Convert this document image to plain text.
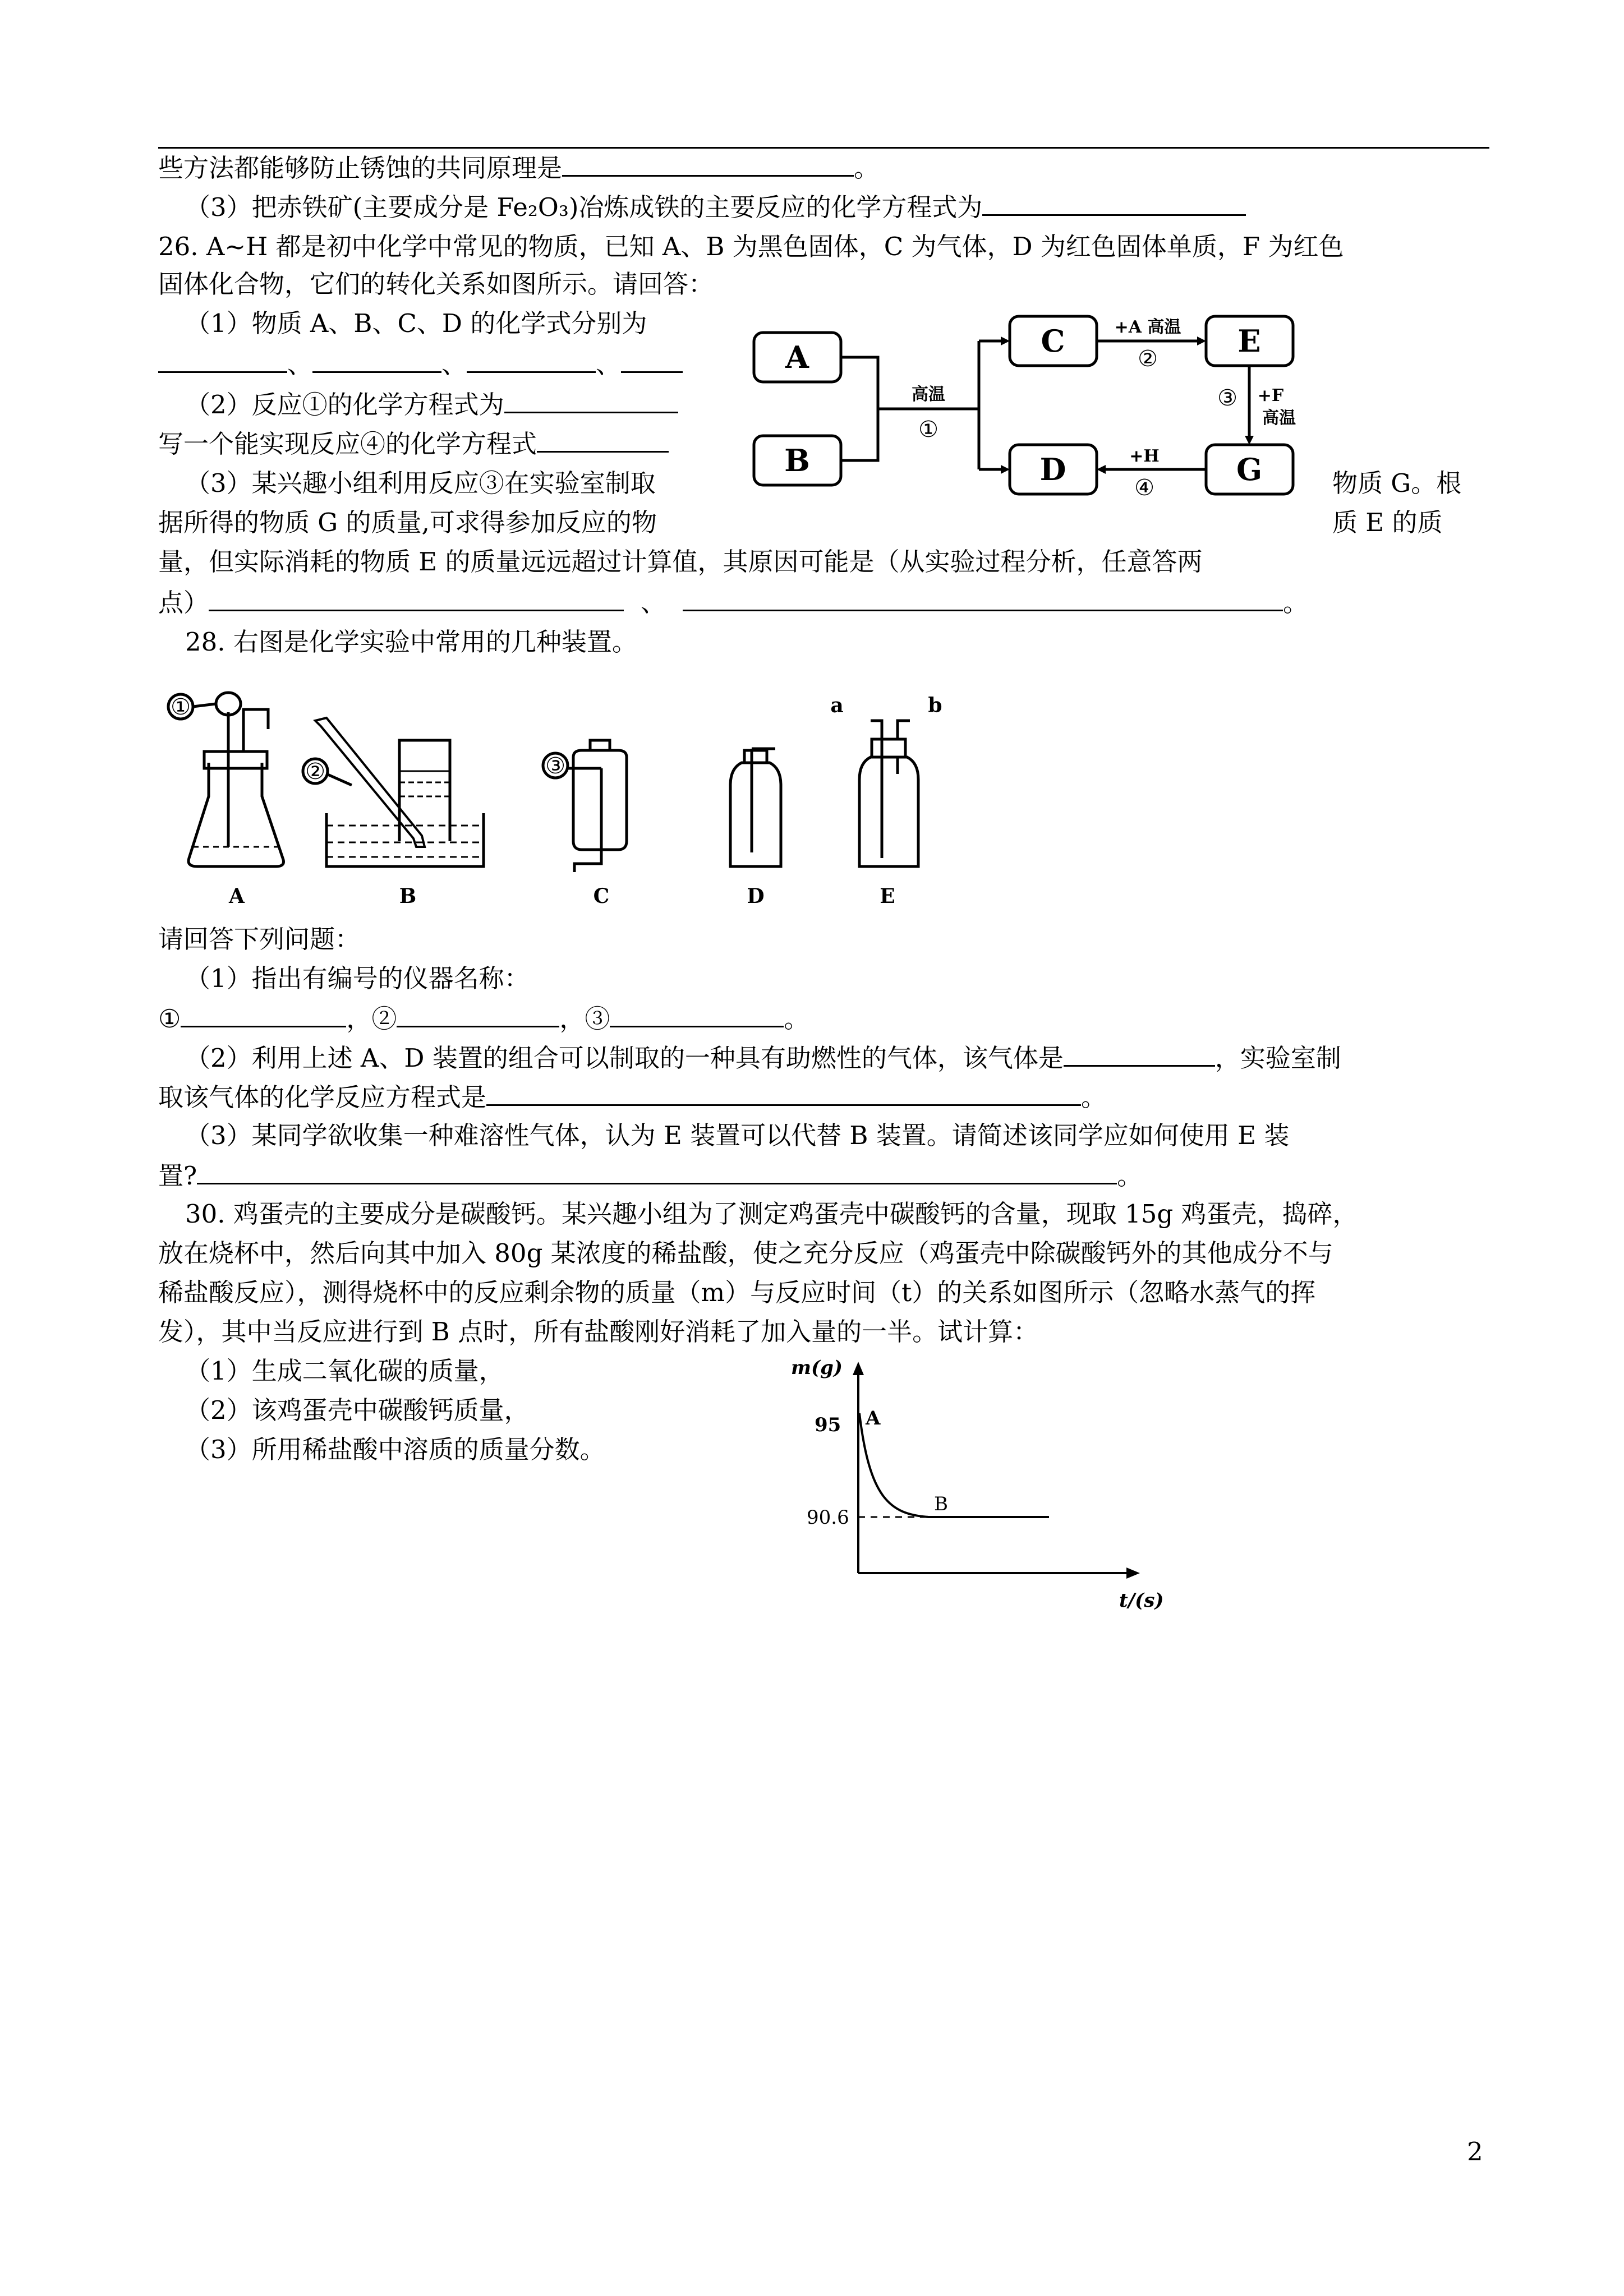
些方法都能够防止锈蚀的共同原理是	。
（3）把赤铁矿(主要成分是 Fe₂O₃)冶炼成铁的主要反应的化学方程式为
26. A~H 都是初中化学中常见的物质，已知 A、B 为黑色固体，C 为气体，D 为红色固体单质，F 为红色
固体化合物，它们的转化关系如图所示。请回答：
（1）物质 A、B、C、D 的化学式分别为
、	、	、
（2）反应①的化学方程式为
写一个能实现反应④的化学方程式
（3）某兴趣小组利用反应③在实验室制取	物质 G。根
据所得的物质 G 的质量,可求得参加反应的物	质 E 的质
量，但实际消耗的物质 E 的质量远远超过计算值，其原因可能是（从实验过程分析，任意答两
点）	、	。
A
B
C
D
E
G
高温
①
+A 高温
②
③ +F
高温
+H
④
28. 右图是化学实验中常用的几种装置。
①
②	③
a	b
A	B	C	D	E
请回答下列问题：
（1）指出有编号的仪器名称：
①	，②	，③	。
（2）利用上述 A、D 装置的组合可以制取的一种具有助燃性的气体，该气体是	，实验室制
取该气体的化学反应方程式是	。
（3）某同学欲收集一种难溶性气体，认为 E 装置可以代替 B 装置。请简述该同学应如何使用 E 装
置?	。
30. 鸡蛋壳的主要成分是碳酸钙。某兴趣小组为了测定鸡蛋壳中碳酸钙的含量，现取 15g 鸡蛋壳，捣碎，
放在烧杯中，然后向其中加入 80g 某浓度的稀盐酸，使之充分反应（鸡蛋壳中除碳酸钙外的其他成分不与
稀盐酸反应），测得烧杯中的反应剩余物的质量（m）与反应时间（t）的关系如图所示（忽略水蒸气的挥
发），其中当反应进行到 B 点时，所有盐酸刚好消耗了加入量的一半。试计算：
（1）生成二氧化碳的质量，
（2）该鸡蛋壳中碳酸钙质量，
（3）所用稀盐酸中溶质的质量分数。
m(g)
t/(s)
95
90.6
A
B
2
